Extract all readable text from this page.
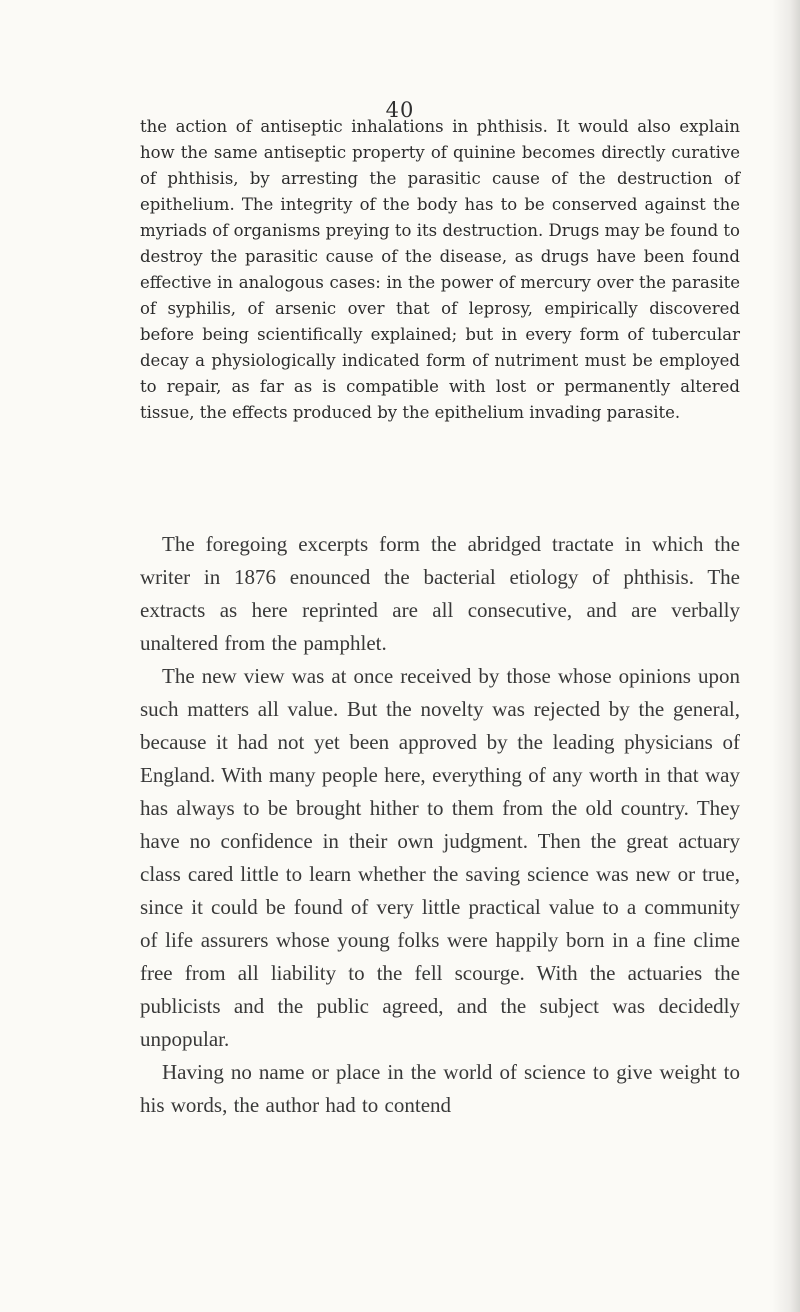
40

the action of antiseptic inhalations in phthisis. It would also explain how the same antiseptic property of quinine becomes directly curative of phthisis, by arresting the parasitic cause of the destruction of epithelium. The integrity of the body has to be conserved against the myriads of organisms preying to its destruction. Drugs may be found to destroy the parasitic cause of the disease, as drugs have been found effective in analogous cases: in the power of mercury over the parasite of syphilis, of arsenic over that of leprosy, empirically discovered before being scientifically explained; but in every form of tubercular decay a physiologically indicated form of nutriment must be employed to repair, as far as is compatible with lost or permanently altered tissue, the effects produced by the epithelium invading parasite.

The foregoing excerpts form the abridged tractate in which the writer in 1876 enounced the bacterial etiology of phthisis. The extracts as here reprinted are all consecutive, and are verbally unaltered from the pamphlet.

The new view was at once received by those whose opinions upon such matters all value. But the novelty was rejected by the general, because it had not yet been approved by the leading physicians of England. With many people here, everything of any worth in that way has always to be brought hither to them from the old country. They have no confidence in their own judgment. Then the great actuary class cared little to learn whether the saving science was new or true, since it could be found of very little practical value to a community of life assurers whose young folks were happily born in a fine clime free from all liability to the fell scourge. With the actuaries the publicists and the public agreed, and the subject was decidedly unpopular.

Having no name or place in the world of science to give weight to his words, the author had to contend
